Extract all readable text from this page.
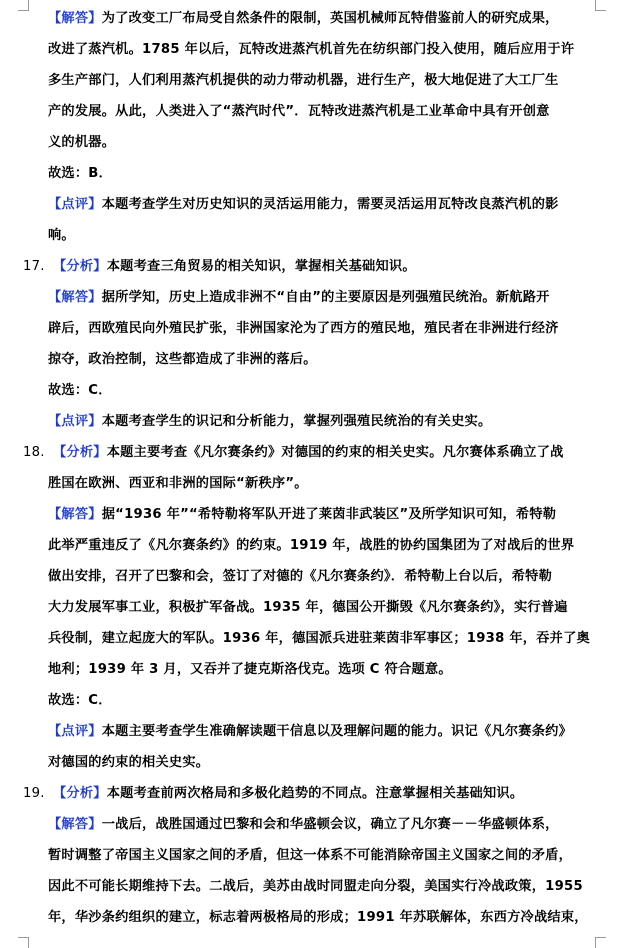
【解答】为了改变工厂布局受自然条件的限制，英国机械师瓦特借鉴前人的研究成果，
改进了蒸汽机。1785 年以后，瓦特改进蒸汽机首先在纺织部门投入使用，随后应用于许
多生产部门，人们利用蒸汽机提供的动力带动机器，进行生产，极大地促进了大工厂生
产的发展。从此，人类进入了“蒸汽时代”．瓦特改进蒸汽机是工业革命中具有开创意
义的机器。
故选：B．
【点评】本题考查学生对历史知识的灵活运用能力，需要灵活运用瓦特改良蒸汽机的影
响。
17. 【分析】本题考查三角贸易的相关知识，掌握相关基础知识。
【解答】据所学知，历史上造成非洲不“自由”的主要原因是列强殖民统治。新航路开
辟后，西欧殖民向外殖民扩张，非洲国家沦为了西方的殖民地，殖民者在非洲进行经济
掠夺，政治控制，这些都造成了非洲的落后。
故选：C．
【点评】本题考查学生的识记和分析能力，掌握列强殖民统治的有关史实。
18. 【分析】本题主要考查《凡尔赛条约》对德国的约束的相关史实。凡尔赛体系确立了战
胜国在欧洲、西亚和非洲的国际“新秩序”。
【解答】据“1936 年”“希特勒将军队开进了莱茵非武装区”及所学知识可知，希特勒
此举严重违反了《凡尔赛条约》的约束。1919 年，战胜的协约国集团为了对战后的世界
做出安排，召开了巴黎和会，签订了对德的《凡尔赛条约》．希特勒上台以后，希特勒
大力发展军事工业，积极扩军备战。1935 年，德国公开撕毁《凡尔赛条约》，实行普遍
兵役制，建立起庞大的军队。1936 年，德国派兵进驻莱茵非军事区；1938 年，吞并了奥
地利；1939 年 3 月，又吞并了捷克斯洛伐克。选项 C 符合题意。
故选：C．
【点评】本题主要考查学生准确解读题干信息以及理解问题的能力。识记《凡尔赛条约》
对德国的约束的相关史实。
19. 【分析】本题考查前两次格局和多极化趋势的不同点。注意掌握相关基础知识。
【解答】一战后，战胜国通过巴黎和会和华盛顿会议，确立了凡尔赛－－华盛顿体系，
暂时调整了帝国主义国家之间的矛盾，但这一体系不可能消除帝国主义国家之间的矛盾，
因此不可能长期维持下去。二战后，美苏由战时同盟走向分裂，美国实行冷战政策，1955
年，华沙条约组织的建立，标志着两极格局的形成；1991 年苏联解体，东西方冷战结束，
